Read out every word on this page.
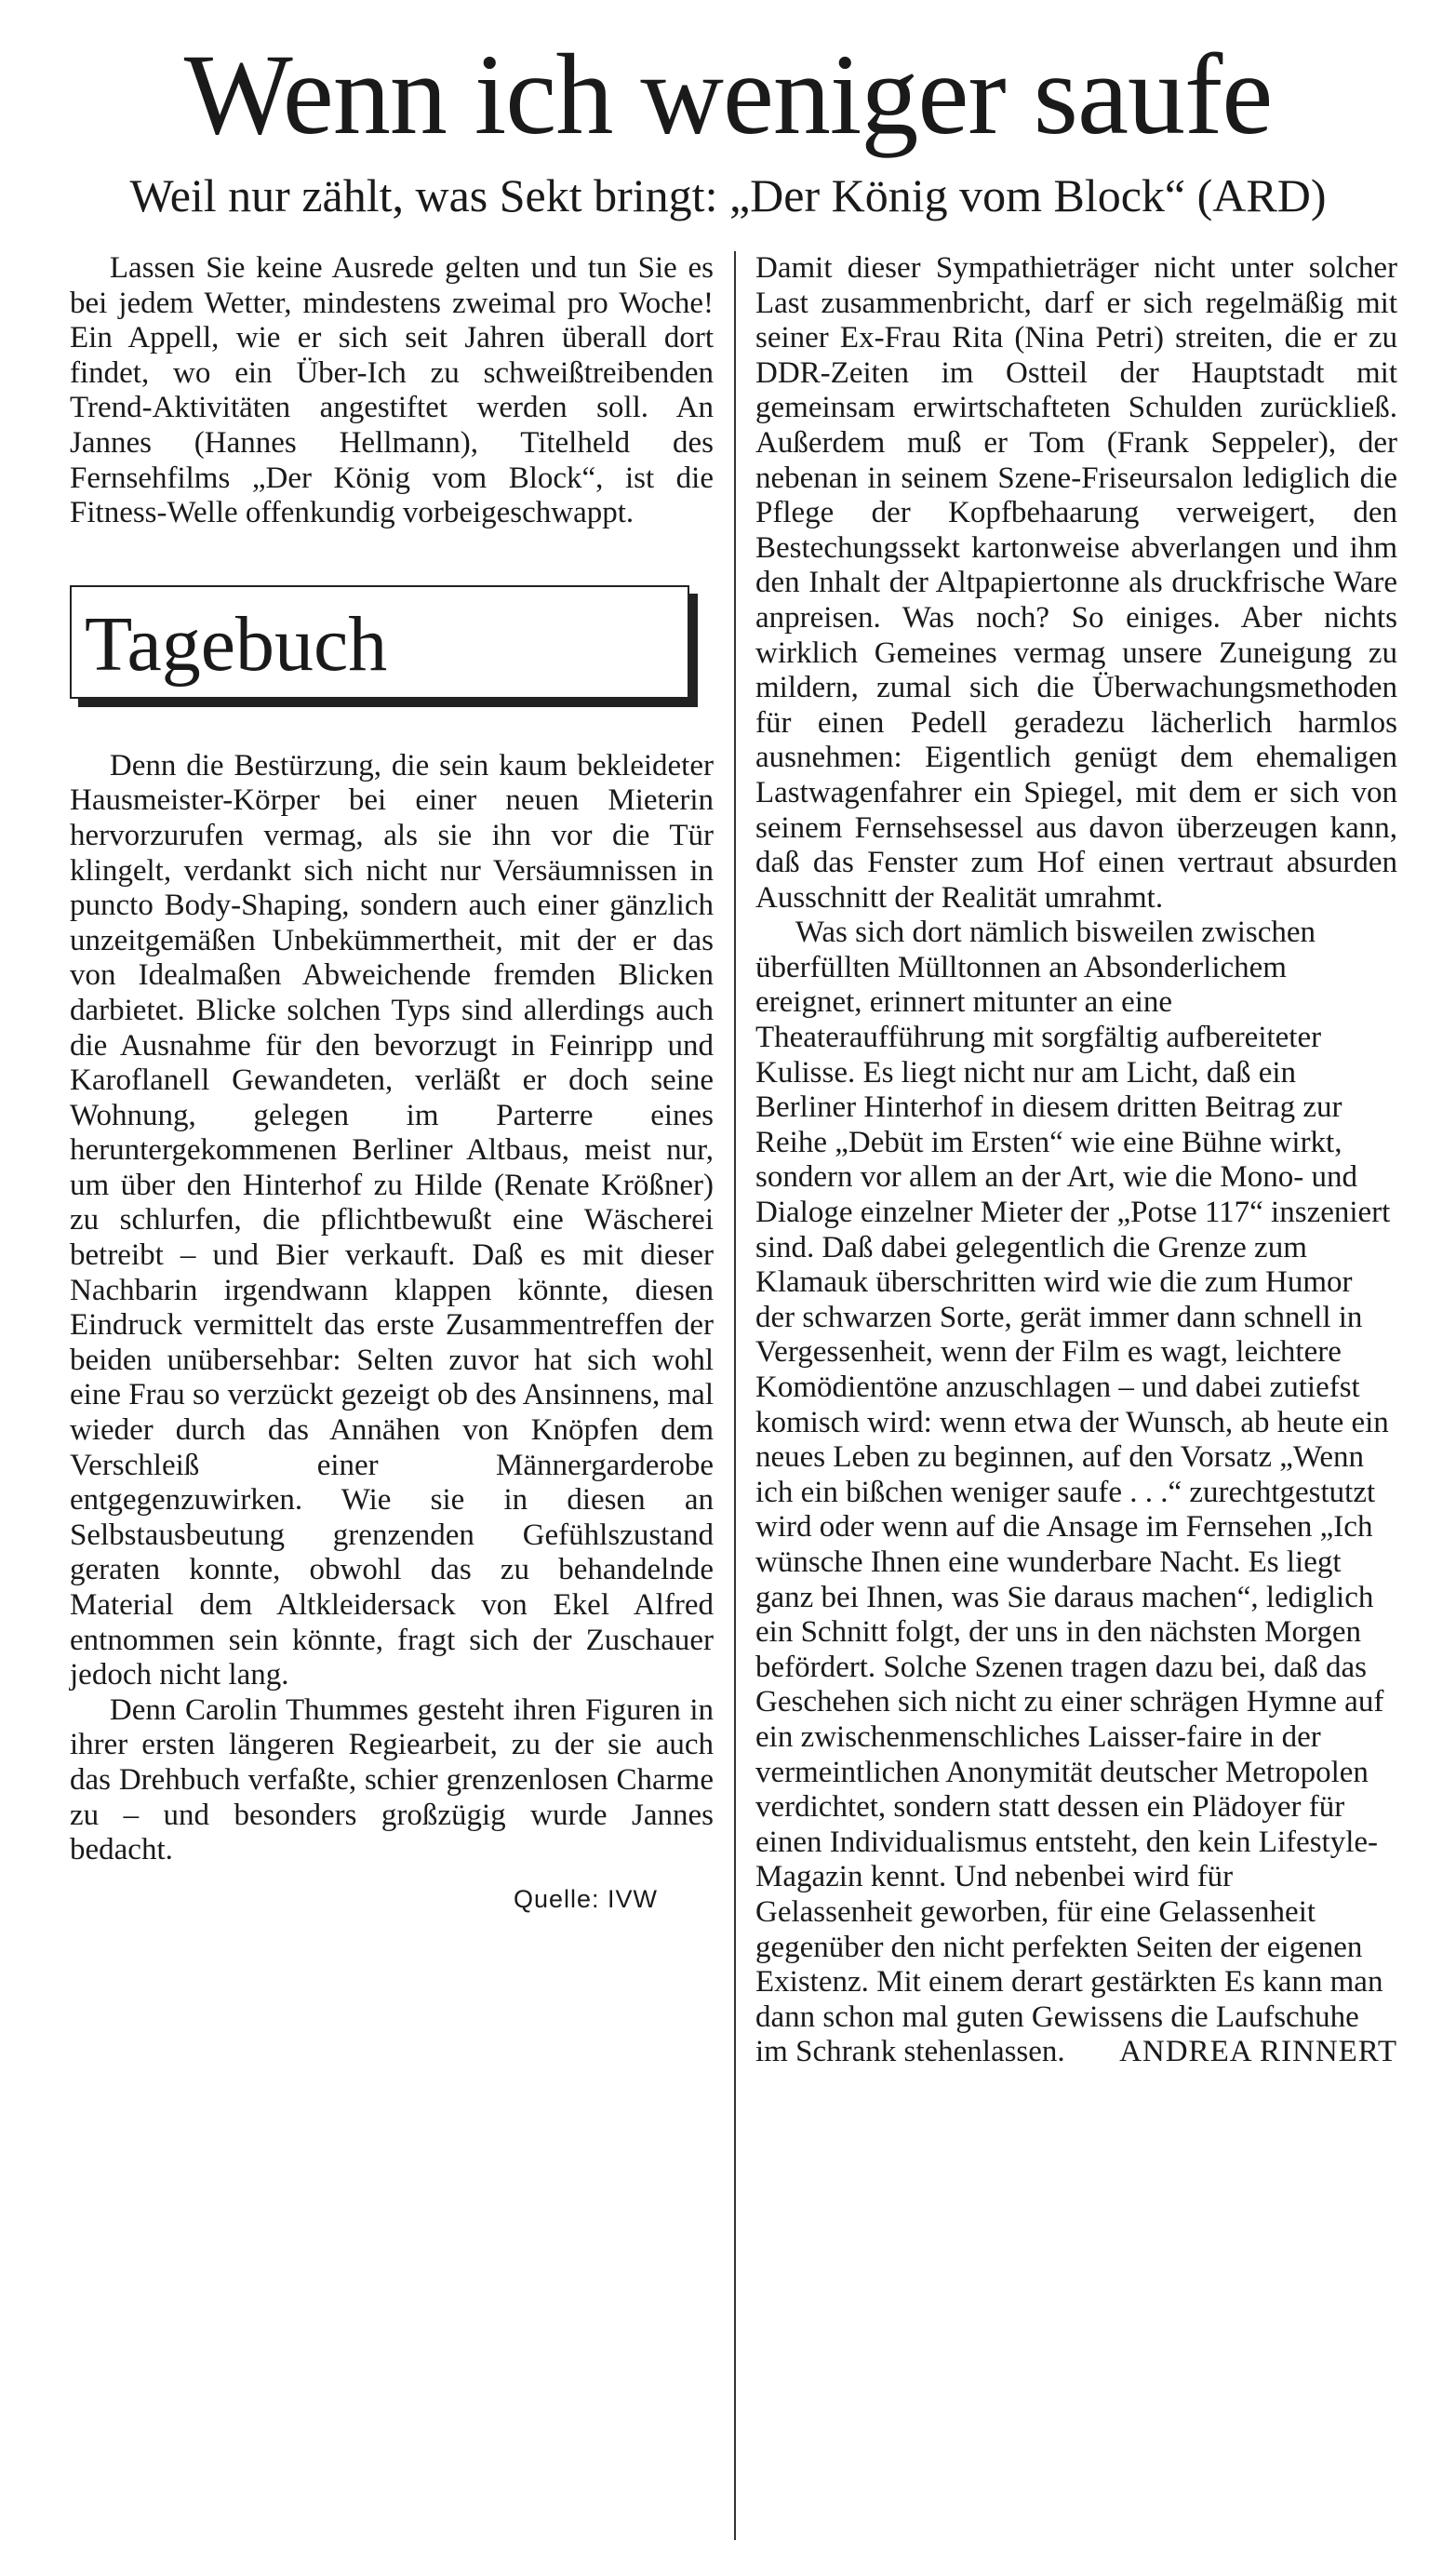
Wenn ich weniger saufe
Weil nur zählt, was Sekt bringt: „Der König vom Block“ (ARD)

Lassen Sie keine Ausrede gelten und tun Sie es bei jedem Wetter, mindestens zweimal pro Woche! Ein Appell, wie er sich seit Jahren überall dort findet, wo ein Über-Ich zu schweißtreibenden Trend-Aktivitäten angestiftet werden soll. An Jannes (Hannes Hellmann), Titelheld des Fernsehfilms „Der König vom Block“, ist die Fitness-Welle offenkundig vorbeigeschwappt.

Tagebuch

Denn die Bestürzung, die sein kaum bekleideter Hausmeister-Körper bei einer neuen Mieterin hervorzurufen vermag, als sie ihn vor die Tür klingelt, verdankt sich nicht nur Versäumnissen in puncto Body-Shaping, sondern auch einer gänzlich unzeitgemäßen Unbekümmertheit, mit der er das von Idealmaßen Abweichende fremden Blicken darbietet. Blicke solchen Typs sind allerdings auch die Ausnahme für den bevorzugt in Feinripp und Karoflanell Gewandeten, verläßt er doch seine Wohnung, gelegen im Parterre eines heruntergekommenen Berliner Altbaus, meist nur, um über den Hinterhof zu Hilde (Renate Krößner) zu schlurfen, die pflichtbewußt eine Wäscherei betreibt – und Bier verkauft. Daß es mit dieser Nachbarin irgendwann klappen könnte, diesen Eindruck vermittelt das erste Zusammentreffen der beiden unübersehbar: Selten zuvor hat sich wohl eine Frau so verzückt gezeigt ob des Ansinnens, mal wieder durch das Annähen von Knöpfen dem Verschleiß einer Männergarderobe entgegenzuwirken. Wie sie in diesen an Selbstausbeutung grenzenden Gefühlszustand geraten konnte, obwohl das zu behandelnde Material dem Altkleidersack von Ekel Alfred entnommen sein könnte, fragt sich der Zuschauer jedoch nicht lang.

Denn Carolin Thummes gesteht ihren Figuren in ihrer ersten längeren Regiearbeit, zu der sie auch das Drehbuch verfaßte, schier grenzenlosen Charme zu – und besonders großzügig wurde Jannes bedacht.

Quelle: IVW

Damit dieser Sympathieträger nicht unter solcher Last zusammenbricht, darf er sich regelmäßig mit seiner Ex-Frau Rita (Nina Petri) streiten, die er zu DDR-Zeiten im Ostteil der Hauptstadt mit gemeinsam erwirtschafteten Schulden zurückließ. Außerdem muß er Tom (Frank Seppeler), der nebenan in seinem Szene-Friseursalon lediglich die Pflege der Kopfbehaarung verweigert, den Bestechungssekt kartonweise abverlangen und ihm den Inhalt der Altpapiertonne als druckfrische Ware anpreisen. Was noch? So einiges. Aber nichts wirklich Gemeines vermag unsere Zuneigung zu mildern, zumal sich die Überwachungsmethoden für einen Pedell geradezu lächerlich harmlos ausnehmen: Eigentlich genügt dem ehemaligen Lastwagenfahrer ein Spiegel, mit dem er sich von seinem Fernsehsessel aus davon überzeugen kann, daß das Fenster zum Hof einen vertraut absurden Ausschnitt der Realität umrahmt.

Was sich dort nämlich bisweilen zwischen überfüllten Mülltonnen an Absonderlichem ereignet, erinnert mitunter an eine Theateraufführung mit sorgfältig aufbereiteter Kulisse. Es liegt nicht nur am Licht, daß ein Berliner Hinterhof in diesem dritten Beitrag zur Reihe „Debüt im Ersten“ wie eine Bühne wirkt, sondern vor allem an der Art, wie die Mono- und Dialoge einzelner Mieter der „Potse 117“ inszeniert sind. Daß dabei gelegentlich die Grenze zum Klamauk überschritten wird wie die zum Humor der schwarzen Sorte, gerät immer dann schnell in Vergessenheit, wenn der Film es wagt, leichtere Komödientöne anzuschlagen – und dabei zutiefst komisch wird: wenn etwa der Wunsch, ab heute ein neues Leben zu beginnen, auf den Vorsatz „Wenn ich ein bißchen weniger saufe . . .“ zurechtgestutzt wird oder wenn auf die Ansage im Fernsehen „Ich wünsche Ihnen eine wunderbare Nacht. Es liegt ganz bei Ihnen, was Sie daraus machen“, lediglich ein Schnitt folgt, der uns in den nächsten Morgen befördert. Solche Szenen tragen dazu bei, daß das Geschehen sich nicht zu einer schrägen Hymne auf ein zwischenmenschliches Laisser-faire in der vermeintlichen Anonymität deutscher Metropolen verdichtet, sondern statt dessen ein Plädoyer für einen Individualismus entsteht, den kein Lifestyle-Magazin kennt. Und nebenbei wird für Gelassenheit geworben, für eine Gelassenheit gegenüber den nicht perfekten Seiten der eigenen Existenz. Mit einem derart gestärkten Es kann man dann schon mal guten Gewissens die Laufschuhe im Schrank stehenlassen.	ANDREA RINNERT
